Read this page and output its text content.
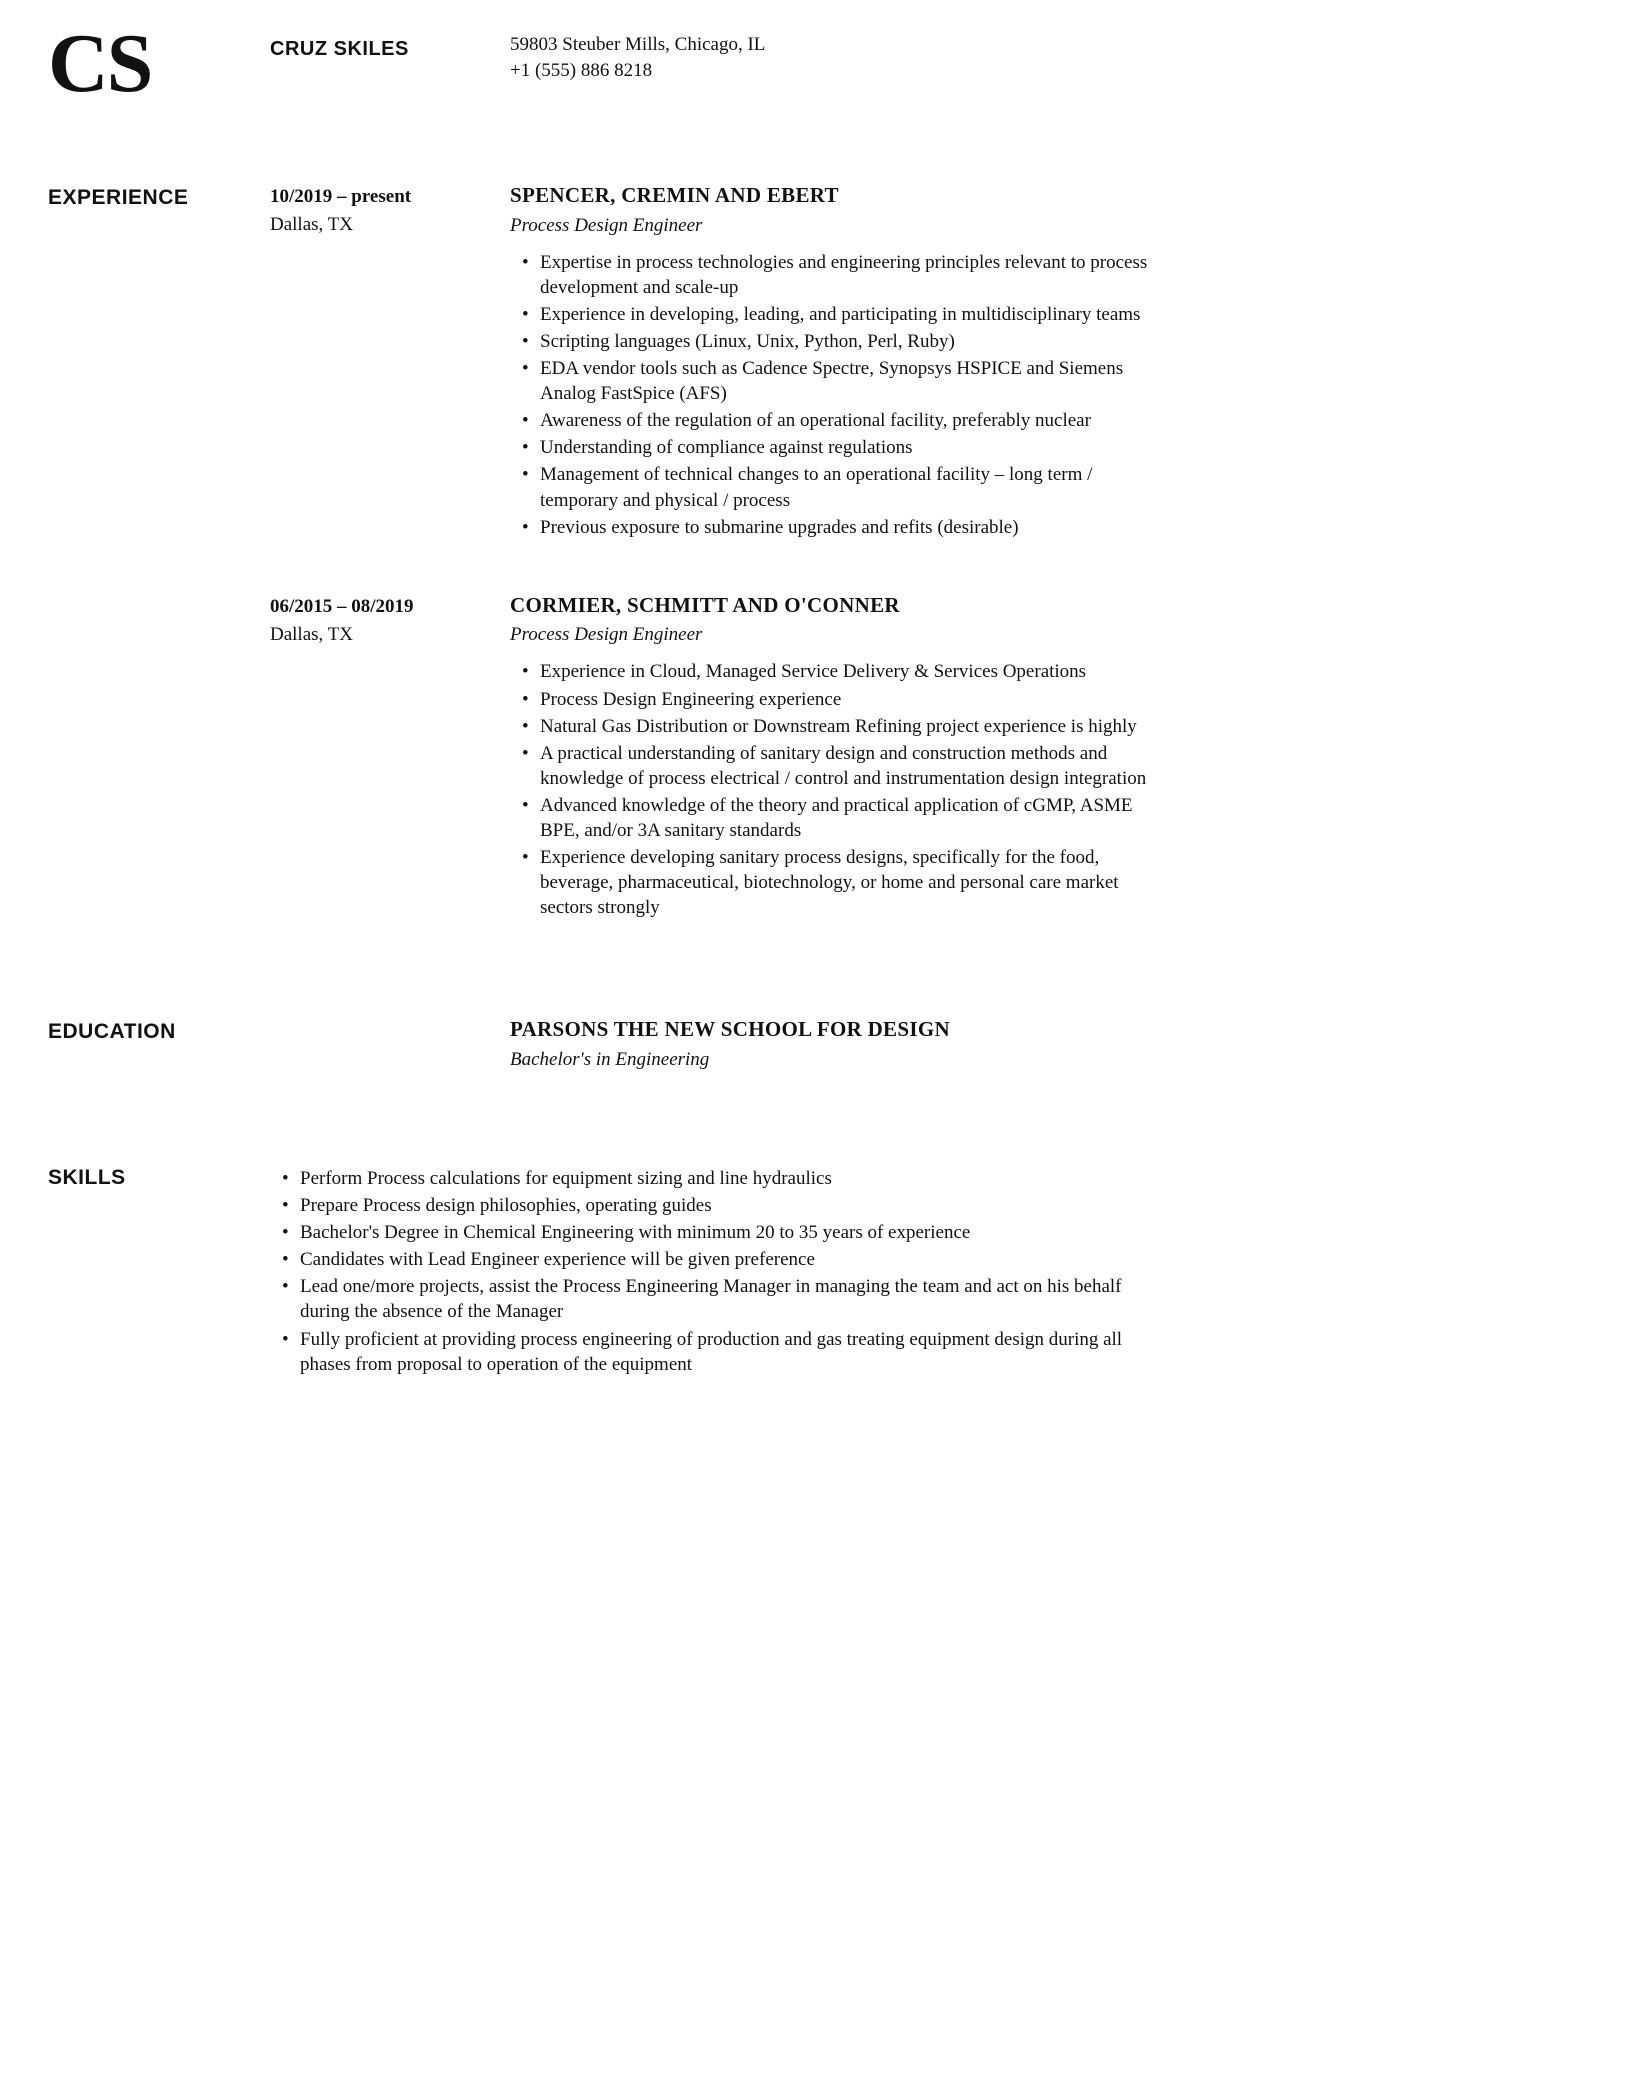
CS	CRUZ SKILES	59803 Steuber Mills, Chicago, IL
+1 (555) 886 8218
EXPERIENCE	10/2019 – present
Dallas, TX
SPENCER, CREMIN AND EBERT
Process Design Engineer
• Expertise in process technologies and engineering principles relevant to process development and scale-up
• Experience in developing, leading, and participating in multidisciplinary teams
• Scripting languages (Linux, Unix, Python, Perl, Ruby)
• EDA vendor tools such as Cadence Spectre, Synopsys HSPICE and Siemens Analog FastSpice (AFS)
• Awareness of the regulation of an operational facility, preferably nuclear
• Understanding of compliance against regulations
• Management of technical changes to an operational facility – long term / temporary and physical / process
• Previous exposure to submarine upgrades and refits (desirable)
06/2015 – 08/2019
Dallas, TX
CORMIER, SCHMITT AND O'CONNER
Process Design Engineer
• Experience in Cloud, Managed Service Delivery & Services Operations
• Process Design Engineering experience
• Natural Gas Distribution or Downstream Refining project experience is highly
• A practical understanding of sanitary design and construction methods and knowledge of process electrical / control and instrumentation design integration
• Advanced knowledge of the theory and practical application of cGMP, ASME BPE, and/or 3A sanitary standards
• Experience developing sanitary process designs, specifically for the food, beverage, pharmaceutical, biotechnology, or home and personal care market sectors strongly
EDUCATION	PARSONS THE NEW SCHOOL FOR DESIGN
Bachelor's in Engineering
SKILLS	• Perform Process calculations for equipment sizing and line hydraulics
• Prepare Process design philosophies, operating guides
• Bachelor's Degree in Chemical Engineering with minimum 20 to 35 years of experience
• Candidates with Lead Engineer experience will be given preference
• Lead one/more projects, assist the Process Engineering Manager in managing the team and act on his behalf during the absence of the Manager
• Fully proficient at providing process engineering of production and gas treating equipment design during all phases from proposal to operation of the equipment
